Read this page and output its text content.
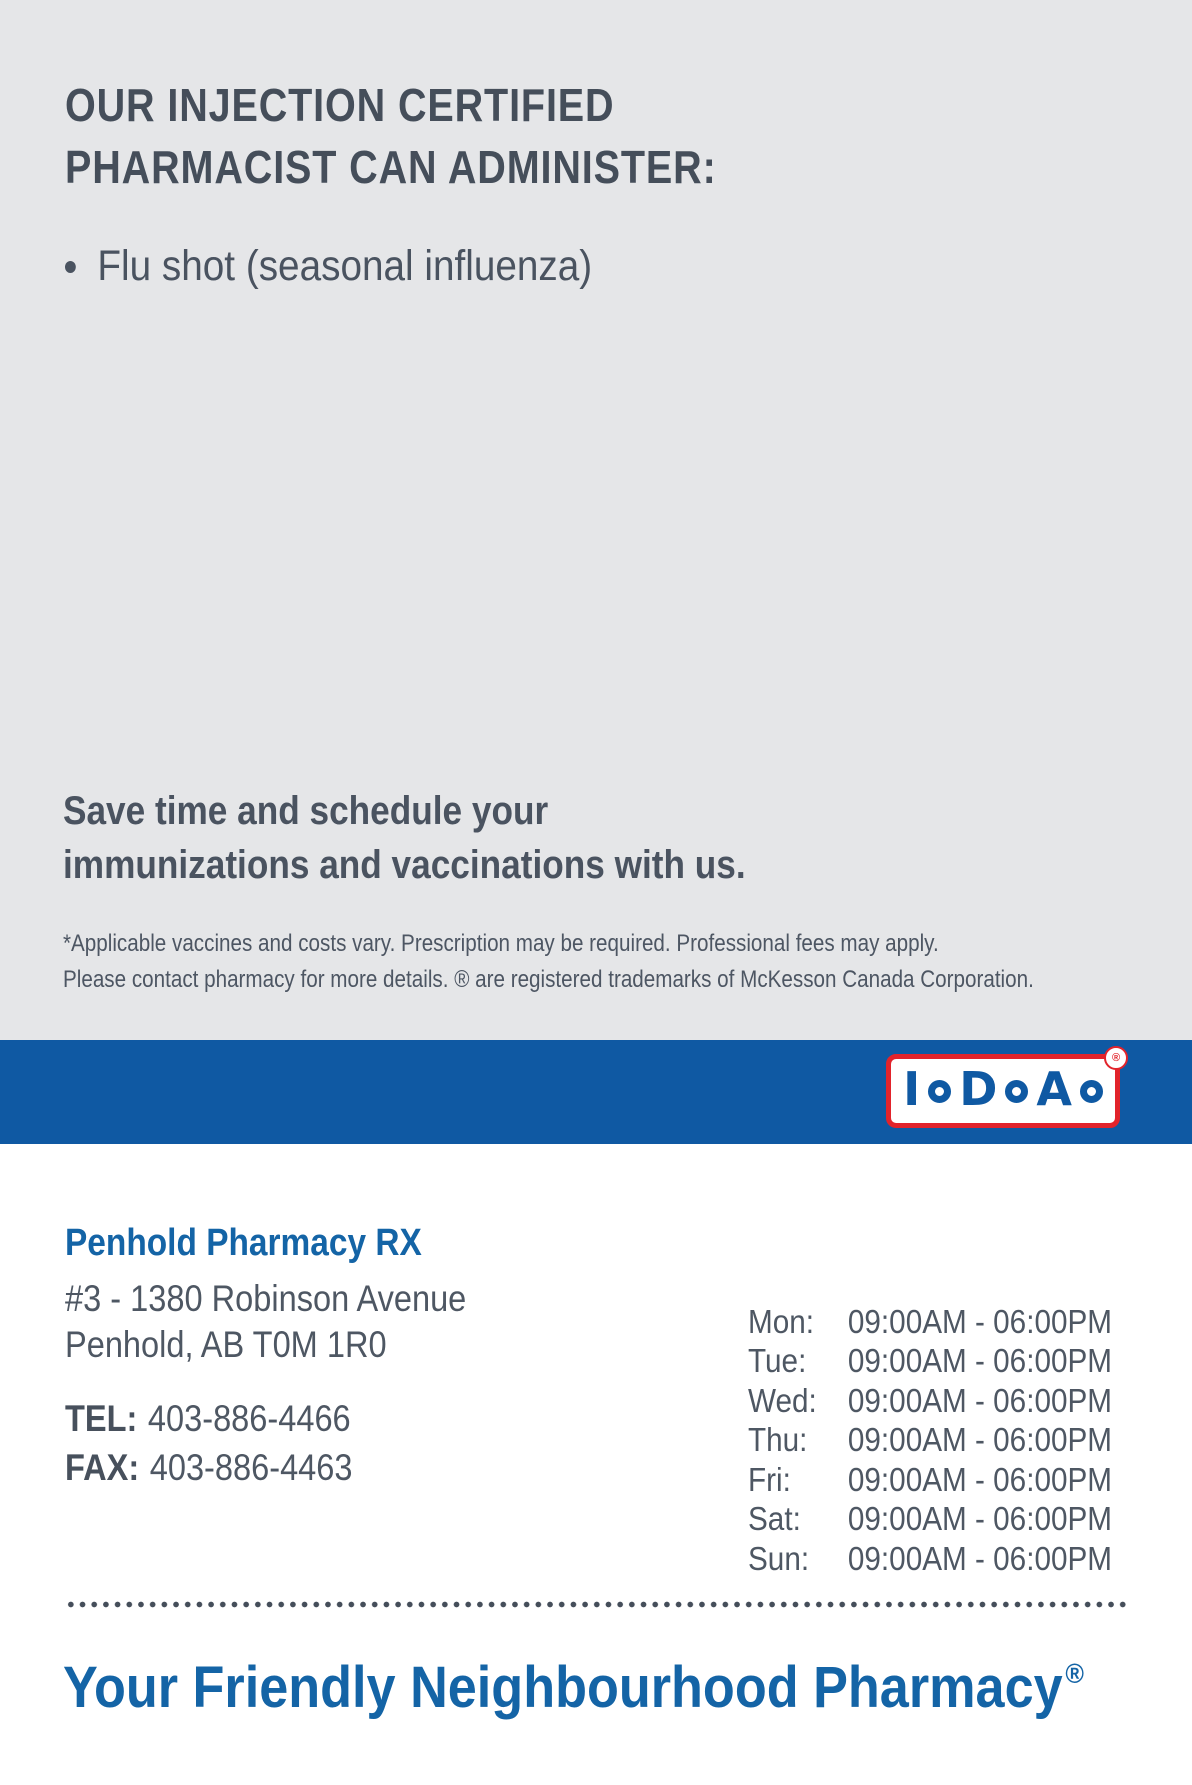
OUR INJECTION CERTIFIED
PHARMACIST CAN ADMINISTER:
Flu shot (seasonal influenza)
Save time and schedule your
immunizations and vaccinations with us.
*Applicable vaccines and costs vary. Prescription may be required. Professional fees may apply.
Please contact pharmacy for more details. ® are registered trademarks of McKesson Canada Corporation.
I D A
®
Penhold Pharmacy RX
#3 - 1380 Robinson Avenue
Penhold, AB T0M 1R0
TEL: 403-886-4466
FAX: 403-886-4463
Mon:	09:00AM - 06:00PM
Tue:	09:00AM - 06:00PM
Wed: 09:00AM - 06:00PM
Thu:	09:00AM - 06:00PM
Fri:	09:00AM - 06:00PM
Sat:	09:00AM - 06:00PM
Sun:	09:00AM - 06:00PM
Your Friendly Neighbourhood Pharmacy®
